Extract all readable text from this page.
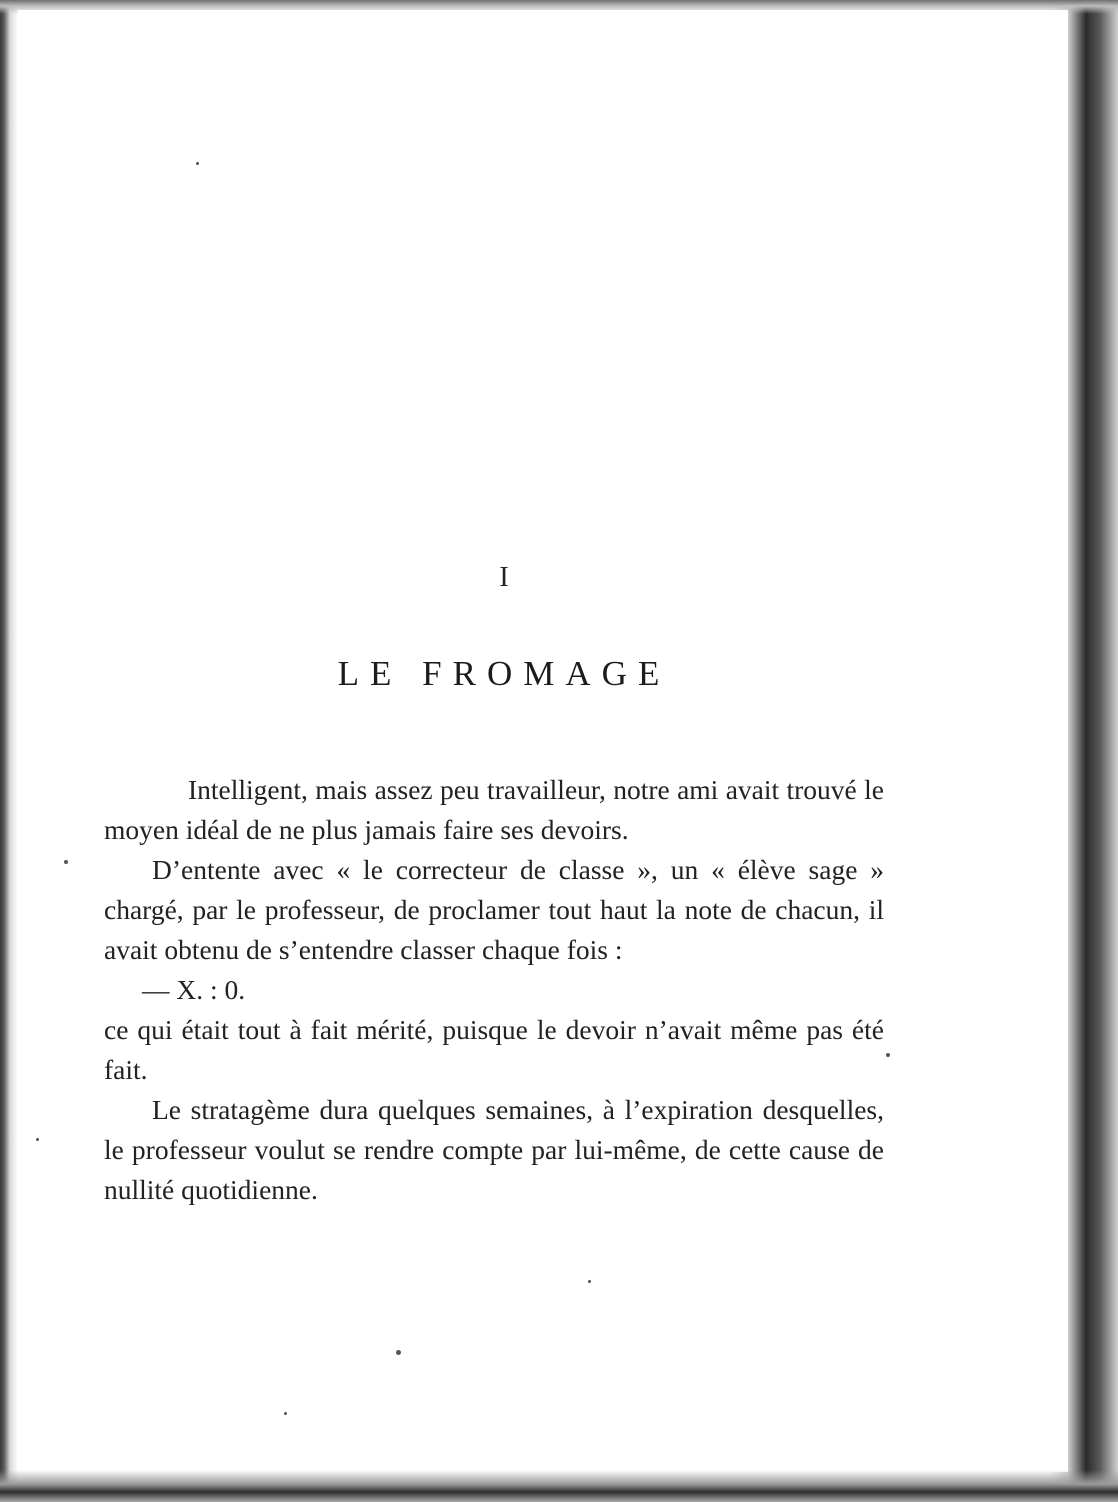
I
LE FROMAGE

Intelligent, mais assez peu travailleur, notre ami avait trouvé le moyen idéal de ne plus jamais faire ses devoirs.

D’entente avec « le correcteur de classe », un « élève sage » chargé, par le professeur, de proclamer tout haut la note de chacun, il avait obtenu de s’entendre classer chaque fois :

— X. : 0.

ce qui était tout à fait mérité, puisque le devoir n’avait même pas été fait.

Le stratagème dura quelques semaines, à l’expiration desquelles, le professeur voulut se rendre compte par lui-même, de cette cause de nullité quotidienne.
